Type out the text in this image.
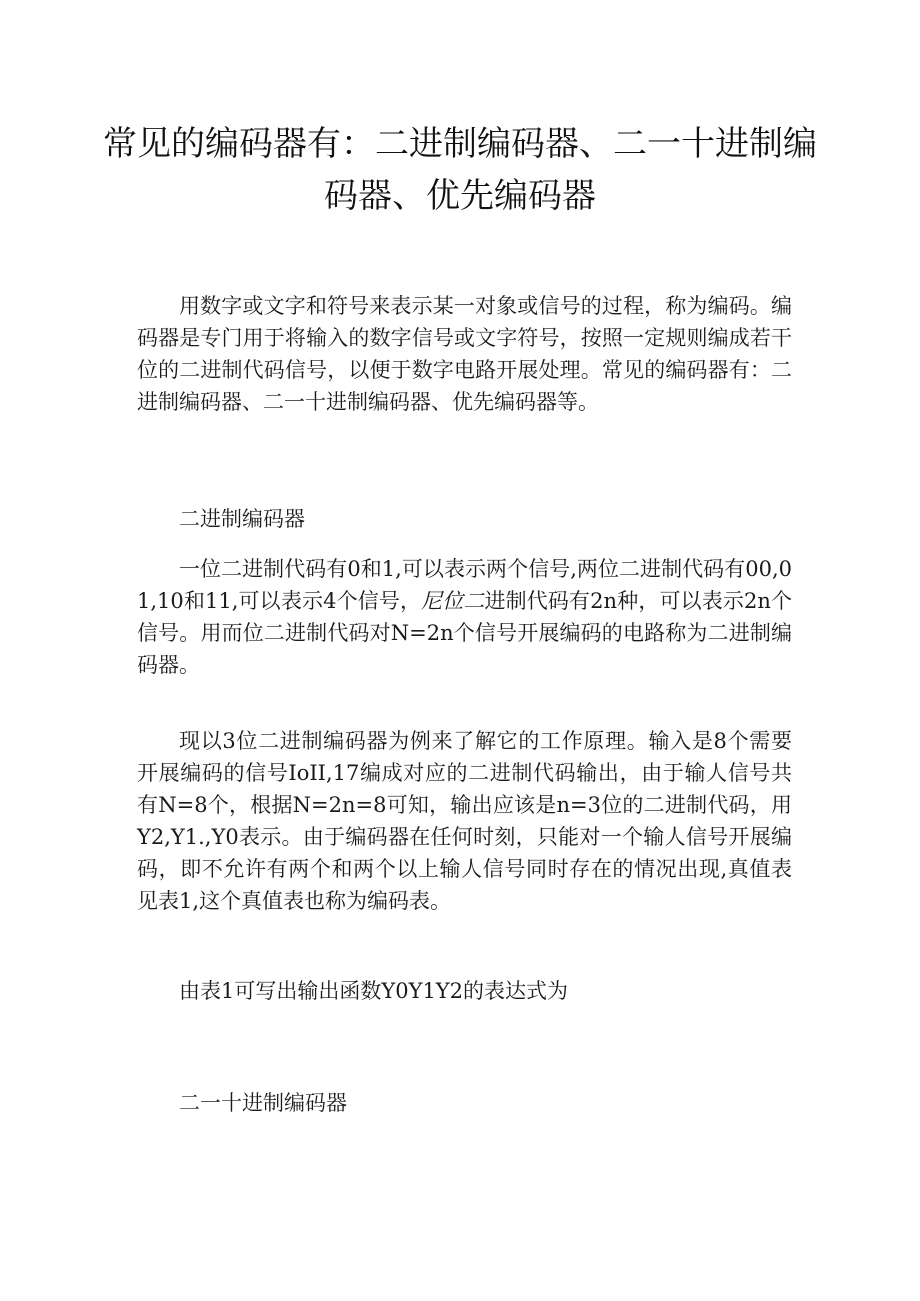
常见的编码器有：二进制编码器、二一十进制编码器、优先编码器

用数字或文字和符号来表示某一对象或信号的过程，称为编码。编码器是专门用于将输入的数字信号或文字符号，按照一定规则编成若干位的二进制代码信号，以便于数字电路开展处理。常见的编码器有：二进制编码器、二一十进制编码器、优先编码器等。

二进制编码器

一位二进制代码有0和1,可以表示两个信号,两位二进制代码有00,01,10和11,可以表示4个信号，尼位二进制代码有2n种，可以表示2n个信号。用而位二进制代码对N=2n个信号开展编码的电路称为二进制编码器。

现以3位二进制编码器为例来了解它的工作原理。输入是8个需要开展编码的信号IoII,17编成对应的二进制代码输出，由于输人信号共有N=8个，根据N=2n=8可知，输出应该是n=3位的二进制代码，用Y2,Y1.,Y0表示。由于编码器在任何时刻，只能对一个输人信号开展编码，即不允许有两个和两个以上输人信号同时存在的情况出现,真值表见表1,这个真值表也称为编码表。

由表1可写出输出函数Y0Y1Y2的表达式为

二一十进制编码器
